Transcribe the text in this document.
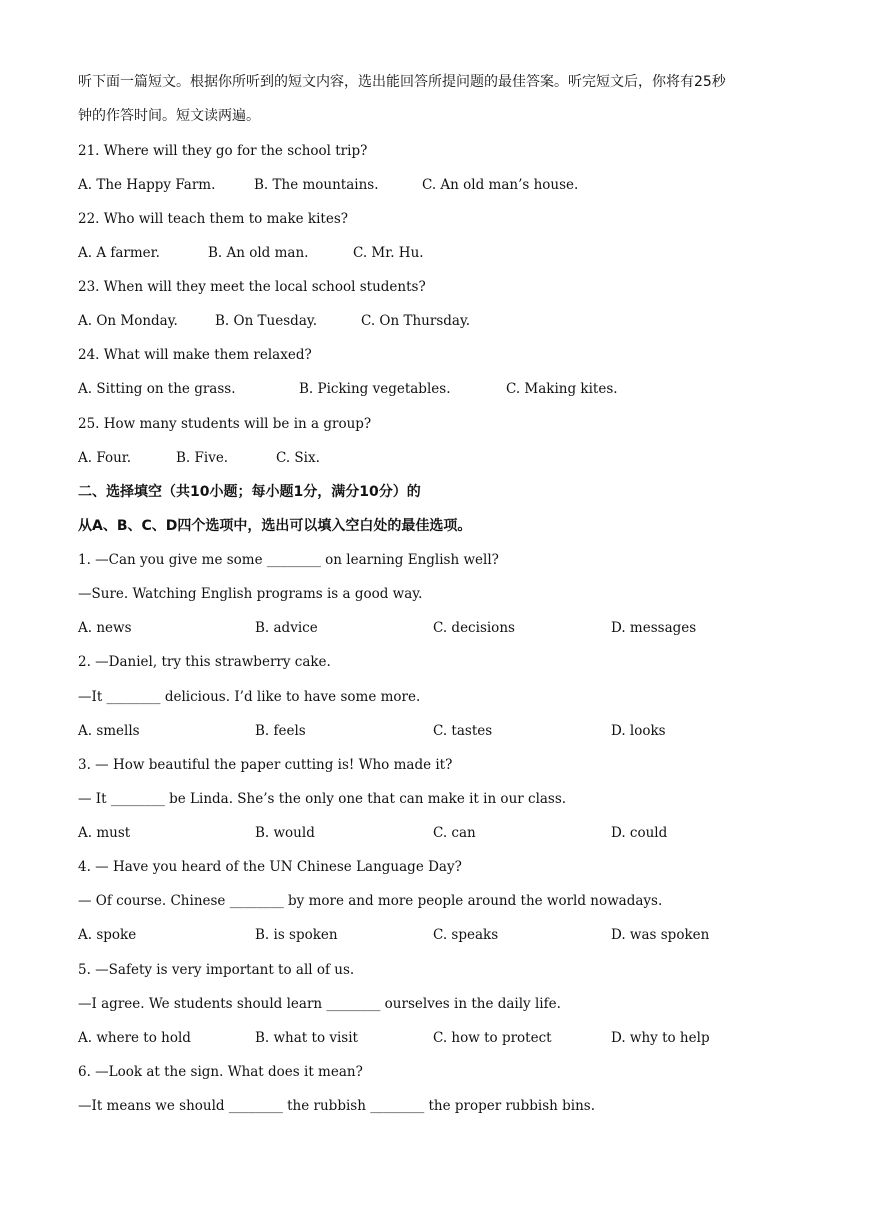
听下面一篇短文。根据你所听到的短文内容，选出能回答所提问题的最佳答案。听完短文后，你将有25秒
钟的作答时间。短文读两遍。
21. Where will they go for the school trip?
A. The Happy Farm.	B. The mountains.	C. An old man’s house.
22. Who will teach them to make kites?
A. A farmer.	B. An old man.	C. Mr. Hu.
23. When will they meet the local school students?
A. On Monday.	B. On Tuesday.	C. On Thursday.
24. What will make them relaxed?
A. Sitting on the grass.	B. Picking vegetables.	C. Making kites.
25. How many students will be in a group?
A. Four.	B. Five.	C. Six.
二、选择填空（共10小题；每小题1分，满分10分）的
从A、B、C、D四个选项中，选出可以填入空白处的最佳选项。
1. —Can you give me some ________ on learning English well?
—Sure. Watching English programs is a good way.
A. news	B. advice	C. decisions	D. messages
2. —Daniel, try this strawberry cake.
—It ________ delicious. I’d like to have some more.
A. smells	B. feels	C. tastes	D. looks
3. — How beautiful the paper cutting is! Who made it?
— It ________ be Linda. She’s the only one that can make it in our class.
A. must	B. would	C. can	D. could
4. — Have you heard of the UN Chinese Language Day?
— Of course. Chinese ________ by more and more people around the world nowadays.
A. spoke	B. is spoken	C. speaks	D. was spoken
5. —Safety is very important to all of us.
—I agree. We students should learn ________ ourselves in the daily life.
A. where to hold	B. what to visit	C. how to protect	D. why to help
6. —Look at the sign. What does it mean?
—It means we should ________ the rubbish ________ the proper rubbish bins.
